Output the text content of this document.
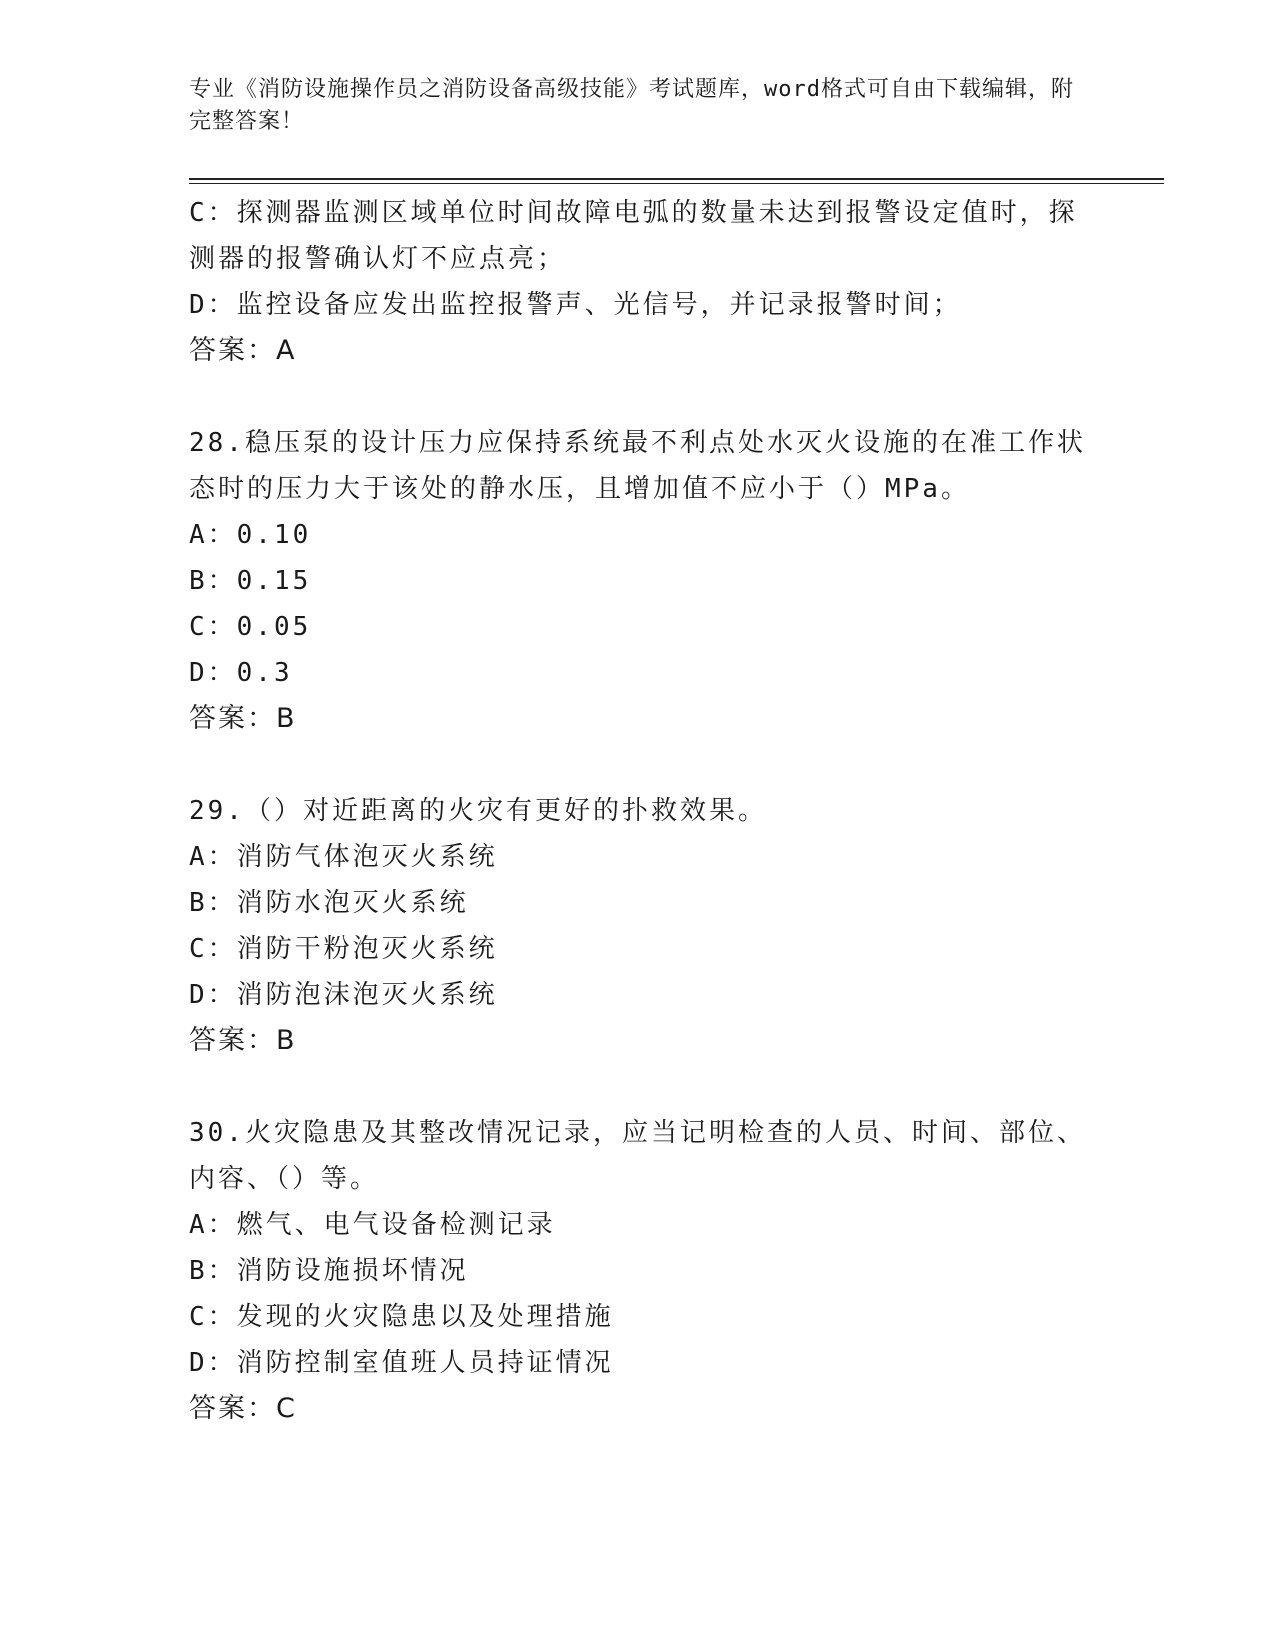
专业《消防设施操作员之消防设备高级技能》考试题库，word格式可自由下载编辑，附完整答案！
C：探测器监测区域单位时间故障电弧的数量未达到报警设定值时，探测器的报警确认灯不应点亮；
D：监控设备应发出监控报警声、光信号，并记录报警时间；
答案：A
28.稳压泵的设计压力应保持系统最不利点处水灭火设施的在准工作状态时的压力大于该处的静水压，且增加值不应小于（）MPa。
A：0.10
B：0.15
C：0.05
D：0.3
答案：B
29.（）对近距离的火灾有更好的扑救效果。
A：消防气体泡灭火系统
B：消防水泡灭火系统
C：消防干粉泡灭火系统
D：消防泡沫泡灭火系统
答案：B
30.火灾隐患及其整改情况记录，应当记明检查的人员、时间、部位、内容、（）等。
A：燃气、电气设备检测记录
B：消防设施损坏情况
C：发现的火灾隐患以及处理措施
D：消防控制室值班人员持证情况
答案：C
